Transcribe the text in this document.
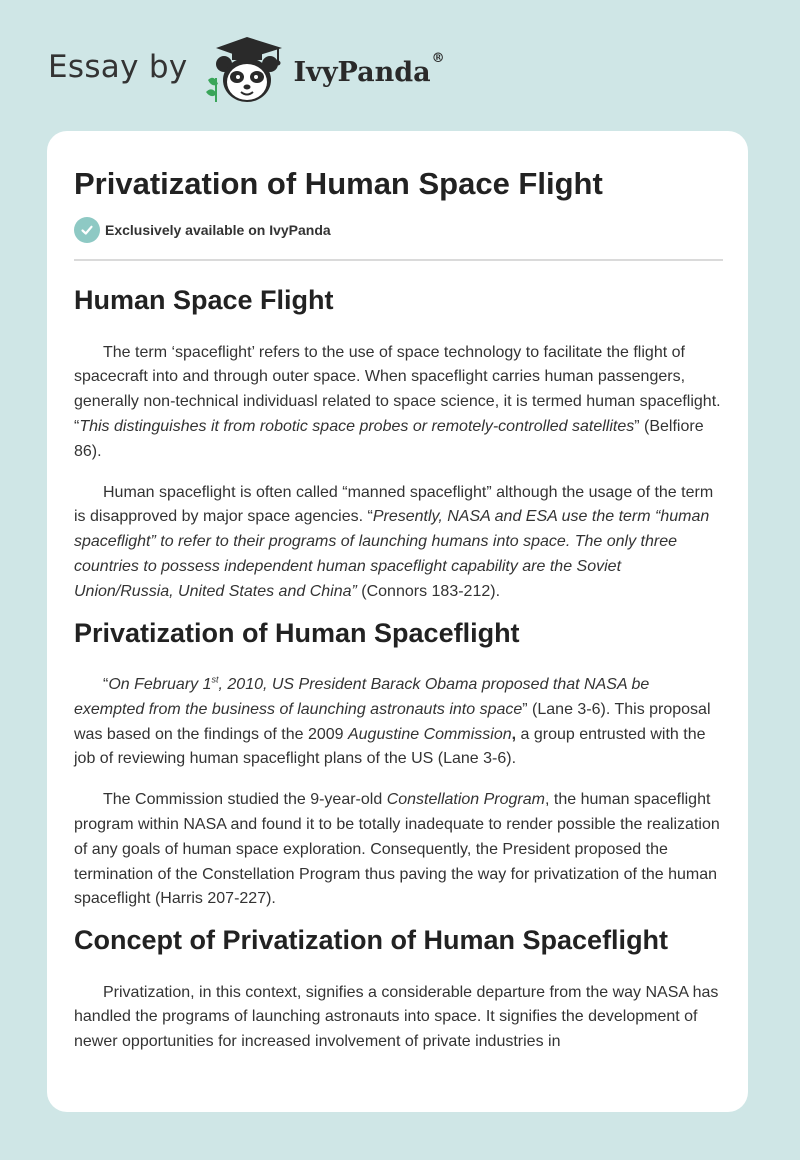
Essay by	IvyPanda®
Privatization of Human Space Flight
Exclusively available on IvyPanda
Human Space Flight

The term ‘spaceflight’ refers to the use of space technology to facilitate the flight of spacecraft into and through outer space. When spaceflight carries human passengers, generally non-technical individuasl related to space science, it is termed human spaceflight. “This distinguishes it from robotic space probes or remotely-controlled satellites” (Belfiore 86).

Human spaceflight is often called “manned spaceflight” although the usage of the term is disapproved by major space agencies. “Presently, NASA and ESA use the term “human spaceflight” to refer to their programs of launching humans into space. The only three countries to possess independent human spaceflight capability are the Soviet Union/Russia, United States and China” (Connors 183-212).

Privatization of Human Spaceflight

“On February 1st, 2010, US President Barack Obama proposed that NASA be exempted from the business of launching astronauts into space” (Lane 3-6). This proposal was based on the findings of the 2009 Augustine Commission, a group entrusted with the job of reviewing human spaceflight plans of the US (Lane 3-6).

The Commission studied the 9-year-old Constellation Program, the human spaceflight program within NASA and found it to be totally inadequate to render possible the realization of any goals of human space exploration. Consequently, the President proposed the termination of the Constellation Program thus paving the way for privatization of the human spaceflight (Harris 207-227).

Concept of Privatization of Human Spaceflight

Privatization, in this context, signifies a considerable departure from the way NASA has handled the programs of launching astronauts into space. It signifies the development of newer opportunities for increased involvement of private industries in
